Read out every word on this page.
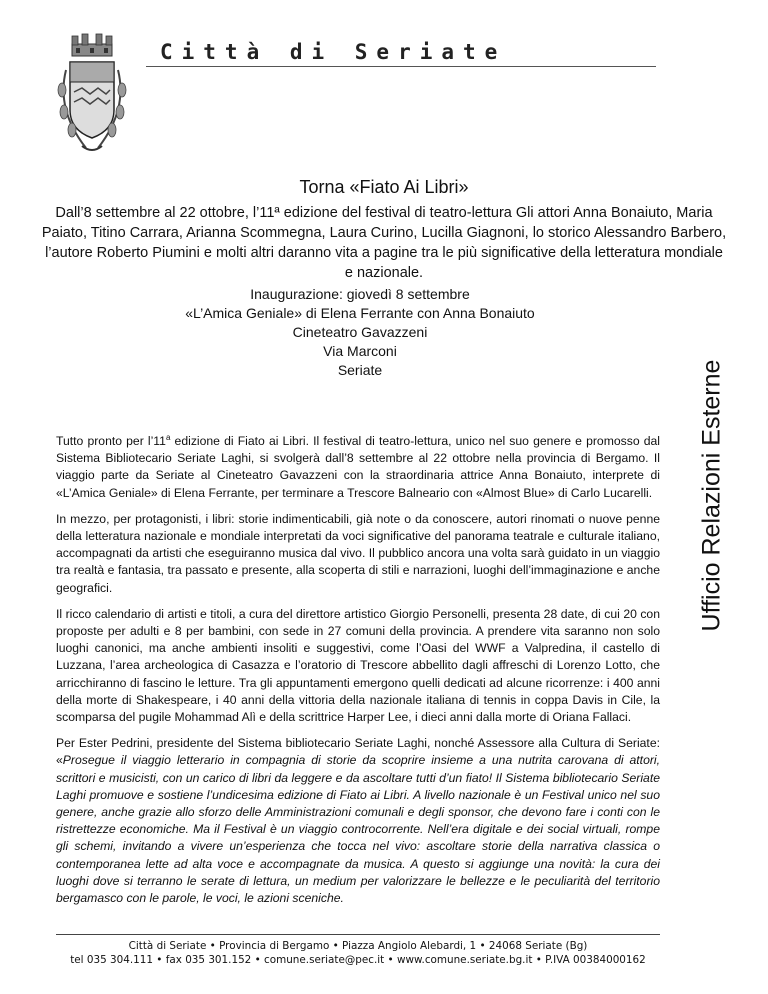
Città di Seriate
Torna «Fiato Ai Libri»

Dall’8 settembre al 22 ottobre, l’11ª edizione del festival di teatro-lettura Gli attori Anna Bonaiuto, Maria Paiato, Titino Carrara, Arianna Scommegna, Laura Curino, Lucilla Giagnoni, lo storico Alessandro Barbero, l’autore Roberto Piumini e molti altri daranno vita a pagine tra le più significative della letteratura mondiale e nazionale.

Inaugurazione: giovedì 8 settembre
«L’Amica Geniale» di Elena Ferrante con Anna Bonaiuto
Cineteatro Gavazzeni
Via Marconi
Seriate	Ufficio Relazioni Esterne

Tutto pronto per l’11$^a$ edizione di Fiato ai Libri. Il festival di teatro-lettura, unico nel suo genere e promosso dal Sistema Bibliotecario Seriate Laghi, si svolgerà dall’8 settembre al 22 ottobre nella provincia di Bergamo. Il viaggio parte da Seriate al Cineteatro Gavazzeni con la straordinaria attrice Anna Bonaiuto, interprete di «L’Amica Geniale» di Elena Ferrante, per terminare a Trescore Balneario con «Almost Blue» di Carlo Lucarelli.

In mezzo, per protagonisti, i libri: storie indimenticabili, già note o da conoscere, autori rinomati o nuove penne della letteratura nazionale e mondiale interpretati da voci significative del panorama teatrale e culturale italiano, accompagnati da artisti che eseguiranno musica dal vivo. Il pubblico ancora una volta sarà guidato in un viaggio tra realtà e fantasia, tra passato e presente, alla scoperta di stili e narrazioni, luoghi dell’immaginazione e anche geografici.

Il ricco calendario di artisti e titoli, a cura del direttore artistico Giorgio Personelli, presenta 28 date, di cui 20 con proposte per adulti e 8 per bambini, con sede in 27 comuni della provincia. A prendere vita saranno non solo luoghi canonici, ma anche ambienti insoliti e suggestivi, come l’Oasi del WWF a Valpredina, il castello di Luzzana, l’area archeologica di Casazza e l’oratorio di Trescore abbellito dagli affreschi di Lorenzo Lotto, che arricchiranno di fascino le letture. Tra gli appuntamenti emergono quelli dedicati ad alcune ricorrenze: i 400 anni della morte di Shakespeare, i 40 anni della vittoria della nazionale italiana di tennis in coppa Davis in Cile, la scomparsa del pugile Mohammad Alì e della scrittrice Harper Lee, i dieci anni dalla morte di Oriana Fallaci.

Per Ester Pedrini, presidente del Sistema bibliotecario Seriate Laghi, nonché Assessore alla Cultura di Seriate: «Prosegue il viaggio letterario in compagnia di storie da scoprire insieme a una nutrita carovana di attori, scrittori e musicisti, con un carico di libri da leggere e da ascoltare tutti d’un fiato! Il Sistema bibliotecario Seriate Laghi promuove e sostiene l’undicesima edizione di Fiato ai Libri. A livello nazionale è un Festival unico nel suo genere, anche grazie allo sforzo delle Amministrazioni comunali e degli sponsor, che devono fare i conti con le ristrettezze economiche. Ma il Festival è un viaggio controcorrente. Nell’era digitale e dei social virtuali, rompe gli schemi, invitando a vivere un’esperienza che tocca nel vivo: ascoltare storie della narrativa classica o contemporanea lette ad alta voce e accompagnate da musica. A questo si aggiunge una novità: la cura dei luoghi dove si terranno le serate di lettura, un medium per valorizzare le bellezze e le peculiarità del territorio bergamasco con le parole, le voci, le azioni sceniche.

Città di Seriate • Provincia di Bergamo • Piazza Angiolo Alebardi, 1 • 24068 Seriate (Bg)
tel 035 304.111 • fax 035 301.152 • comune.seriate@pec.it • www.comune.seriate.bg.it • P.IVA 00384000162
